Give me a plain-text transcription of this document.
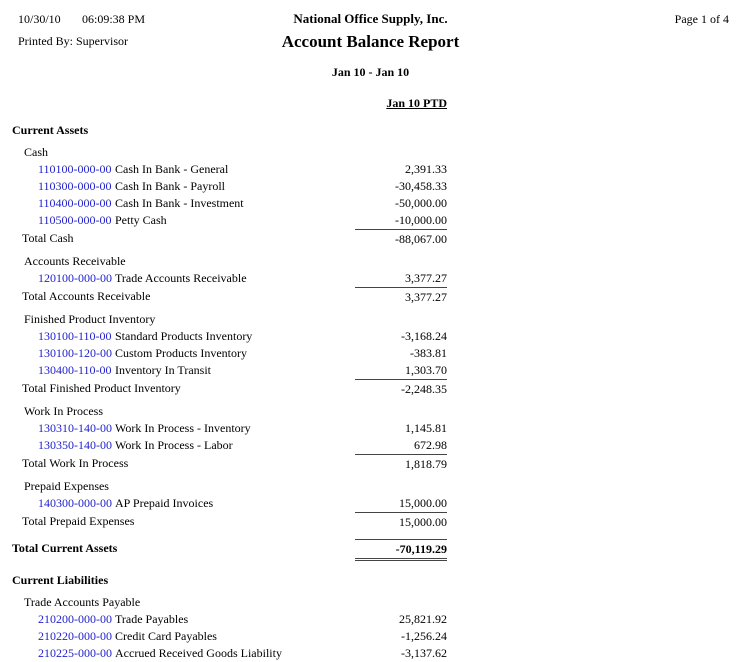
10/30/10 06:09:38 PM	National Office Supply, Inc.	Page 1 of 4
Printed By: Supervisor	Account Balance Report
Jan 10 - Jan 10
Jan 10 PTD
Current Assets
Cash
110100-000-00 Cash In Bank - General	2,391.33
110300-000-00 Cash In Bank - Payroll	-30,458.33
110400-000-00 Cash In Bank - Investment	-50,000.00
110500-000-00 Petty Cash	-10,000.00
Total Cash	-88,067.00
Accounts Receivable
120100-000-00 Trade Accounts Receivable	3,377.27
Total Accounts Receivable	3,377.27
Finished Product Inventory
130100-110-00 Standard Products Inventory	-3,168.24
130100-120-00 Custom Products Inventory	-383.81
130400-110-00 Inventory In Transit	1,303.70
Total Finished Product Inventory	-2,248.35
Work In Process
130310-140-00 Work In Process - Inventory	1,145.81
130350-140-00 Work In Process - Labor	672.98
Total Work In Process	1,818.79
Prepaid Expenses
140300-000-00 AP Prepaid Invoices	15,000.00
Total Prepaid Expenses	15,000.00
Total Current Assets	-70,119.29
Current Liabilities
Trade Accounts Payable
210200-000-00 Trade Payables	25,821.92
210220-000-00 Credit Card Payables	-1,256.24
210225-000-00 Accrued Received Goods Liability	-3,137.62
